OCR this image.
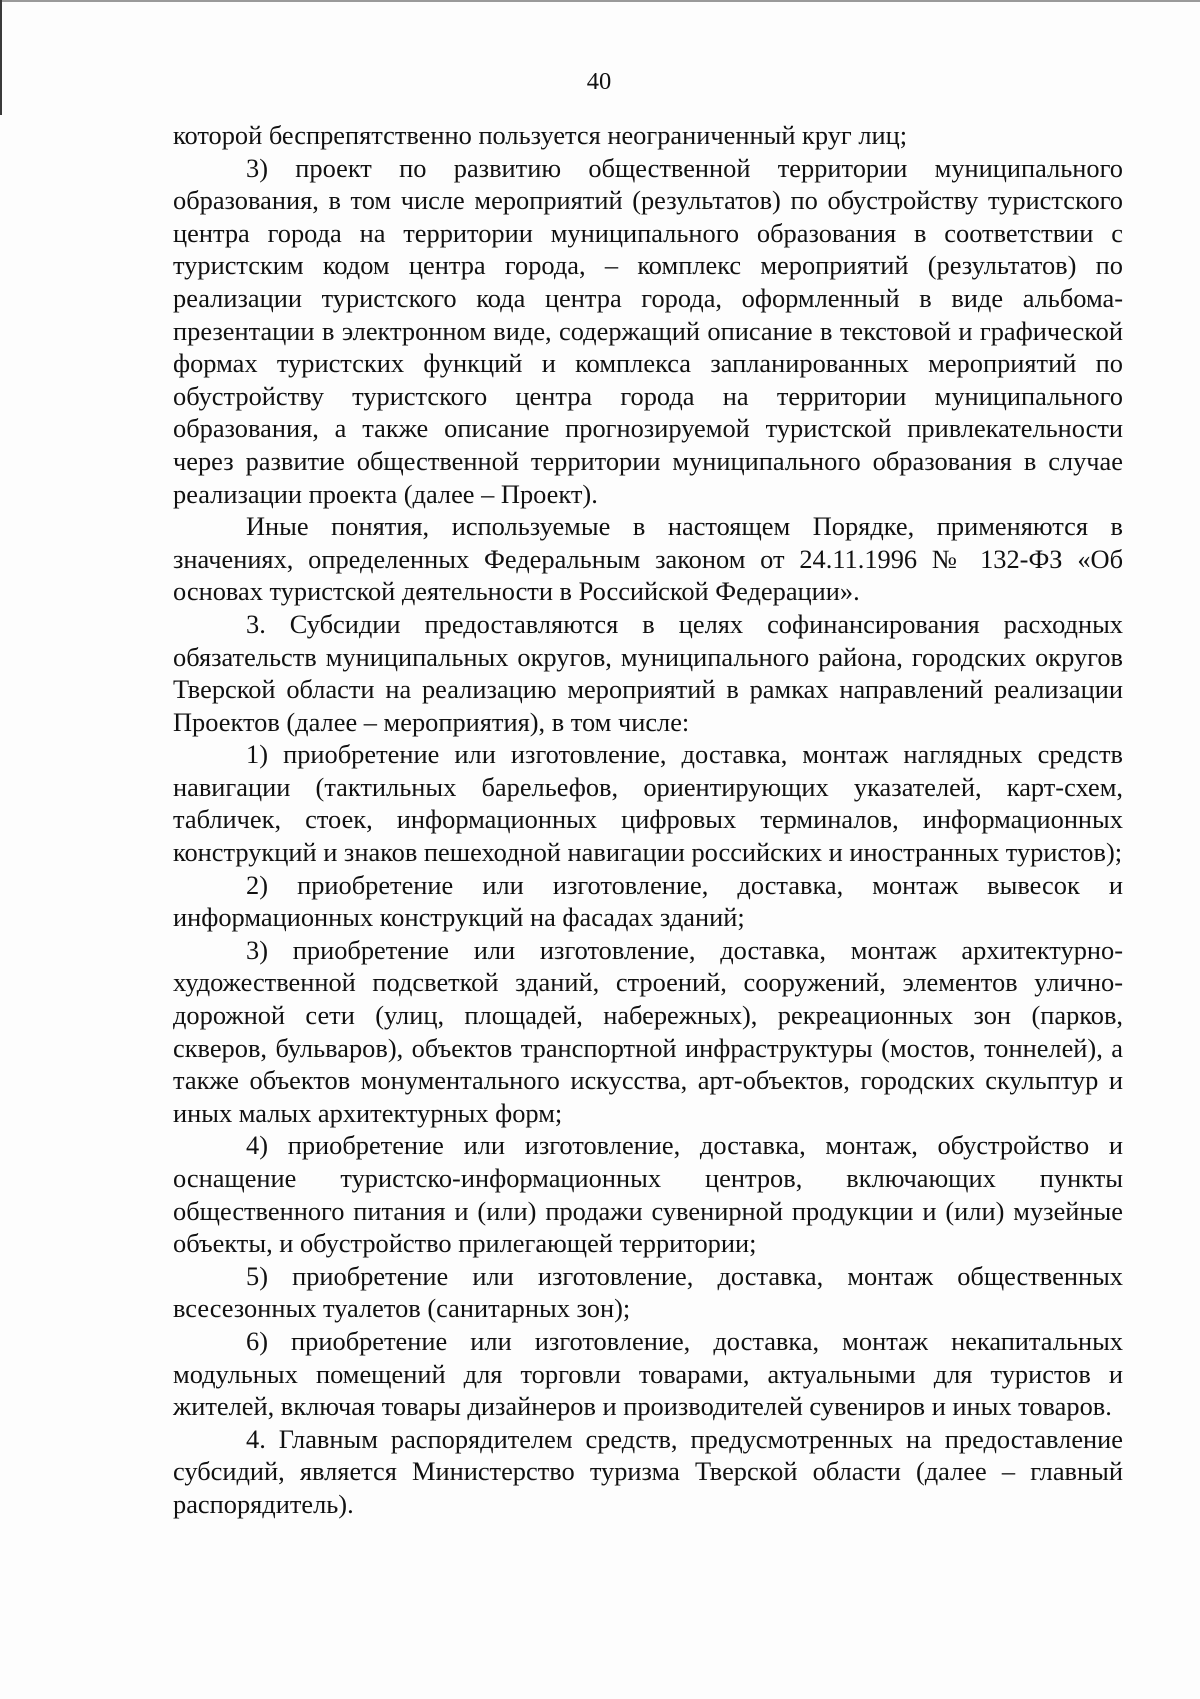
40

которой беспрепятственно пользуется неограниченный круг лиц;

3) проект по развитию общественной территории муниципального образования, в том числе мероприятий (результатов) по обустройству туристского центра города на территории муниципального образования в соответствии с туристским кодом центра города, – комплекс мероприятий (результатов) по реализации туристского кода центра города, оформленный в виде альбома-презентации в электронном виде, содержащий описание в текстовой и графической формах туристских функций и комплекса запланированных мероприятий по обустройству туристского центра города на территории муниципального образования, а также описание прогнозируемой туристской привлекательности через развитие общественной территории муниципального образования в случае реализации проекта (далее – Проект).

Иные понятия, используемые в настоящем Порядке, применяются в значениях, определенных Федеральным законом от 24.11.1996 № 132-ФЗ «Об основах туристской деятельности в Российской Федерации».

3. Субсидии предоставляются в целях софинансирования расходных обязательств муниципальных округов, муниципального района, городских округов Тверской области на реализацию мероприятий в рамках направлений реализации Проектов (далее – мероприятия), в том числе:

1) приобретение или изготовление, доставка, монтаж наглядных средств навигации (тактильных барельефов, ориентирующих указателей, карт-схем, табличек, стоек, информационных цифровых терминалов, информационных конструкций и знаков пешеходной навигации российских и иностранных туристов);

2) приобретение или изготовление, доставка, монтаж вывесок и информационных конструкций на фасадах зданий;

3) приобретение или изготовление, доставка, монтаж архитектурно-художественной подсветкой зданий, строений, сооружений, элементов улично-дорожной сети (улиц, площадей, набережных), рекреационных зон (парков, скверов, бульваров), объектов транспортной инфраструктуры (мостов, тоннелей), а также объектов монументального искусства, арт-объектов, городских скульптур и иных малых архитектурных форм;

4) приобретение или изготовление, доставка, монтаж, обустройство и оснащение туристско-информационных центров, включающих пункты общественного питания и (или) продажи сувенирной продукции и (или) музейные объекты, и обустройство прилегающей территории;

5) приобретение или изготовление, доставка, монтаж общественных всесезонных туалетов (санитарных зон);

6) приобретение или изготовление, доставка, монтаж некапитальных модульных помещений для торговли товарами, актуальными для туристов и жителей, включая товары дизайнеров и производителей сувениров и иных товаров.

4. Главным распорядителем средств, предусмотренных на предоставление субсидий, является Министерство туризма Тверской области (далее – главный распорядитель).
